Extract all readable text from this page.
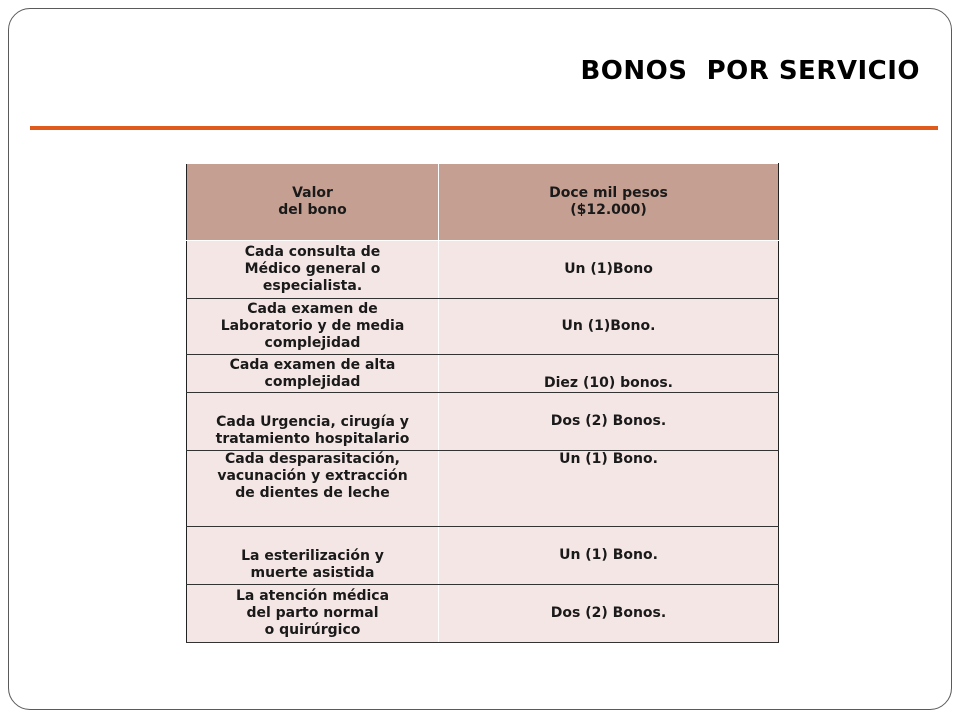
BONOS  POR SERVICIO
Valor
del bono	Doce mil pesos
($12.000)

Cada consulta de
Médico general o
especialista.	Un (1)Bono

Cada examen de
Laboratorio y de media
complejidad	Un (1)Bono.

Cada examen de alta
complejidad	Diez (10) bonos.

Cada Urgencia, cirugía y
tratamiento hospitalario	Dos (2) Bonos.

Cada desparasitación,
vacunación y extracción
de dientes de leche	Un (1) Bono.

La esterilización y
muerte asistida	Un (1) Bono.

La atención médica
del parto normal
o quirúrgico	Dos (2) Bonos.
